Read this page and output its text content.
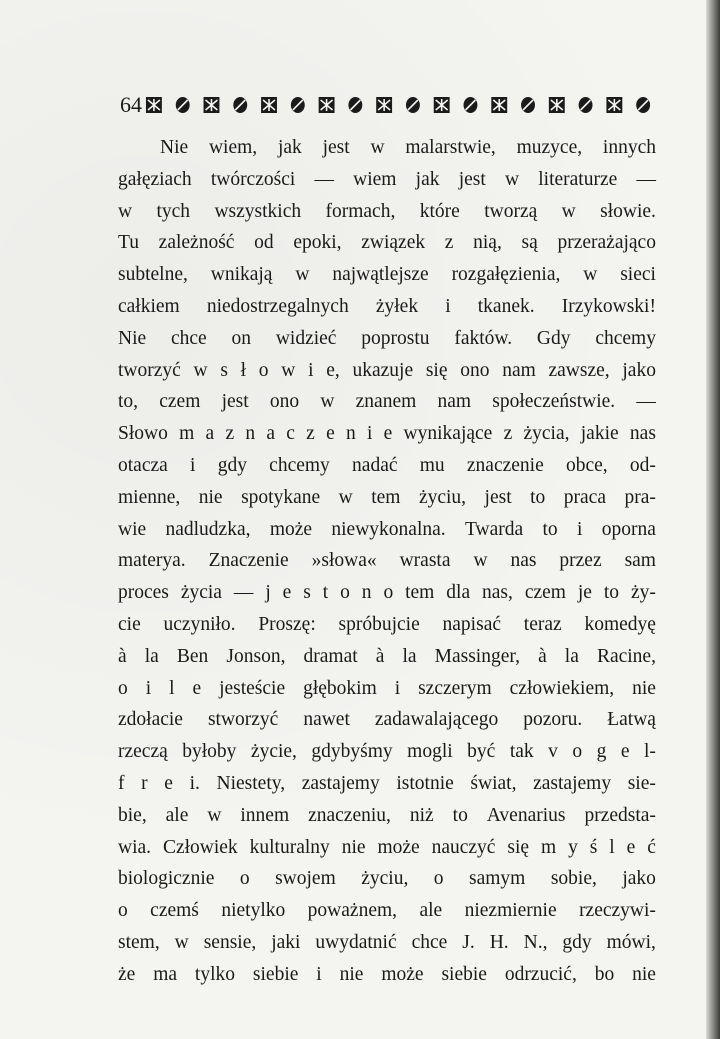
64
Nie wiem, jak jest w malarstwie, muzyce, innych
gałęziach twórczości — wiem jak jest w literaturze —
w tych wszystkich formach, które tworzą w słowie.
Tu zależność od epoki, związek z nią, są przerażająco
subtelne, wnikają w najwątlejsze rozgałęzienia, w sieci
całkiem niedostrzegalnych żyłek i tkanek. Irzykowski!
Nie chce on widzieć poprostu faktów. Gdy chcemy
tworzyć w s ł o w i e, ukazuje się ono nam zawsze, jako
to, czem jest ono w znanem nam społeczeństwie. —
Słowo m a z n a c z e n i e wynikające z życia, jakie nas
otacza i gdy chcemy nadać mu znaczenie obce, od-
mienne, nie spotykane w tem życiu, jest to praca pra-
wie nadludzka, może niewykonalna. Twarda to i oporna
materya. Znaczenie »słowa« wrasta w nas przez sam
proces życia — j e s t o n o tem dla nas, czem je to ży-
cie uczyniło. Proszę: spróbujcie napisać teraz komedyę
à la Ben Jonson, dramat à la Massinger, à la Racine,
o i l e jesteście głębokim i szczerym człowiekiem, nie
zdołacie stworzyć nawet zadawalającego pozoru. Łatwą
rzeczą byłoby życie, gdybyśmy mogli być tak v o g e l-
f r e i. Niestety, zastajemy istotnie świat, zastajemy sie-
bie, ale w innem znaczeniu, niż to Avenarius przedsta-
wia. Człowiek kulturalny nie może nauczyć się m y ś l e ć
biologicznie o swojem życiu, o samym sobie, jako
o czemś nietylko poważnem, ale niezmiernie rzeczywi-
stem, w sensie, jaki uwydatnić chce J. H. N., gdy mówi,
że ma tylko siebie i nie może siebie odrzucić, bo nie
